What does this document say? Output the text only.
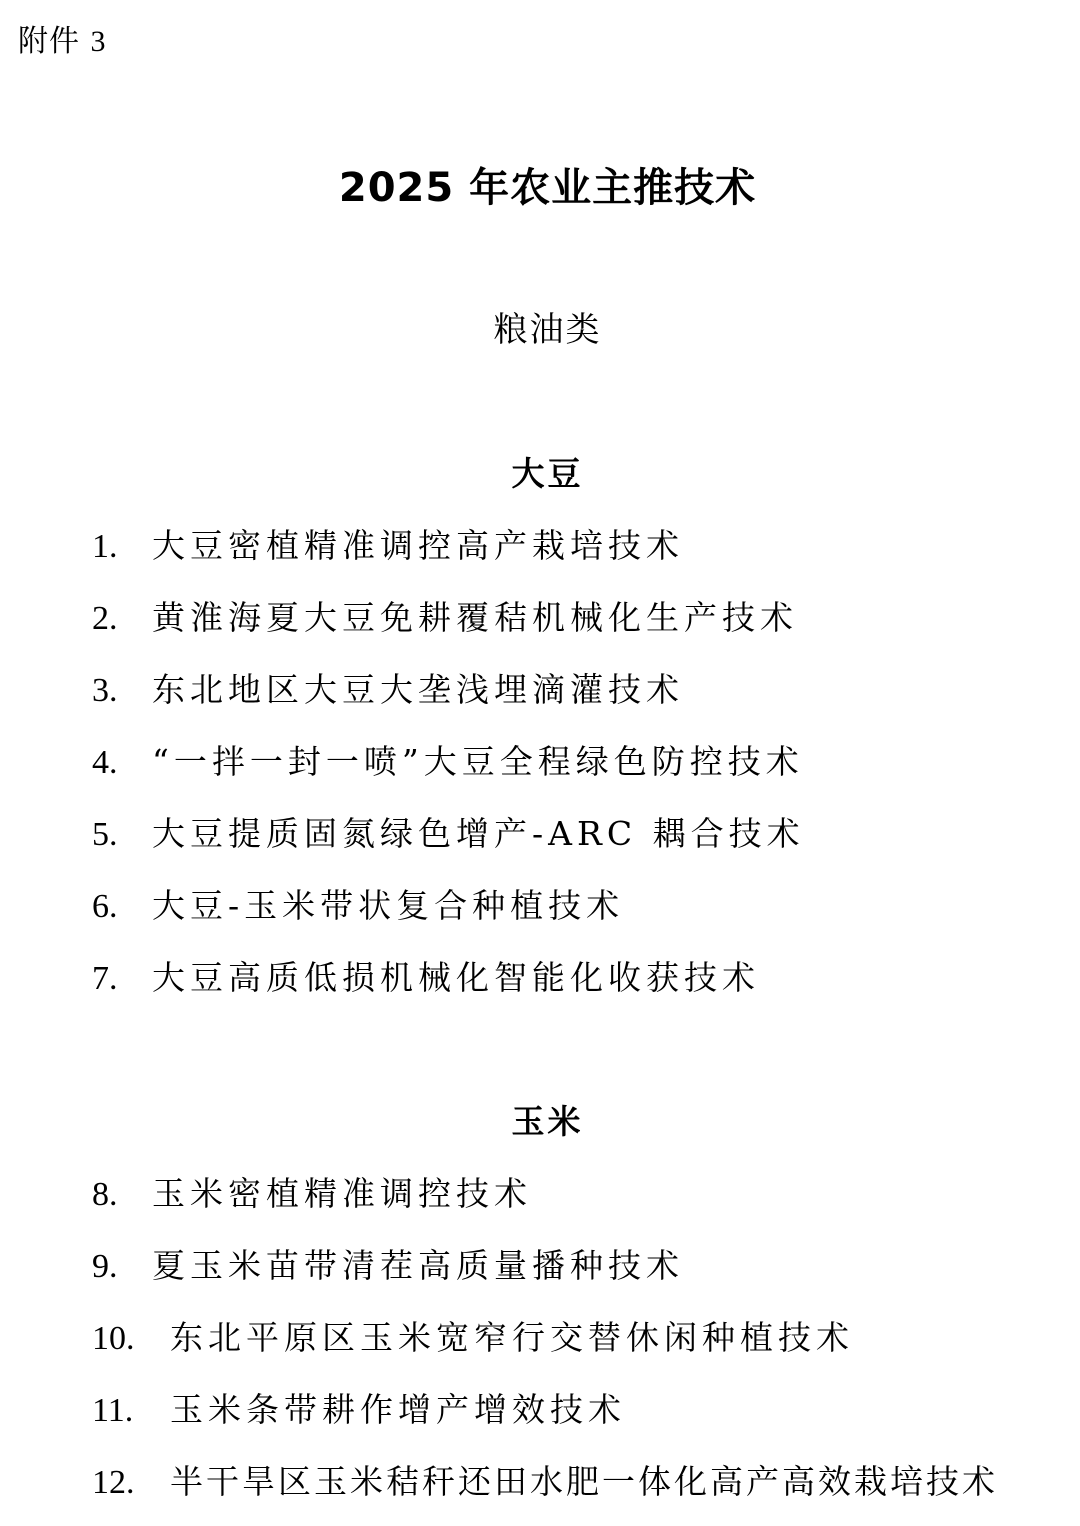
附件 3
2025 年农业主推技术
粮油类
大豆
1. 大豆密植精准调控高产栽培技术
2. 黄淮海夏大豆免耕覆秸机械化生产技术
3. 东北地区大豆大垄浅埋滴灌技术
4. “一拌一封一喷”大豆全程绿色防控技术
5. 大豆提质固氮绿色增产-ARC 耦合技术
6. 大豆-玉米带状复合种植技术
7. 大豆高质低损机械化智能化收获技术
玉米
8. 玉米密植精准调控技术
9. 夏玉米苗带清茬高质量播种技术
10. 东北平原区玉米宽窄行交替休闲种植技术
11. 玉米条带耕作增产增效技术
12. 半干旱区玉米秸秆还田水肥一体化高产高效栽培技术
